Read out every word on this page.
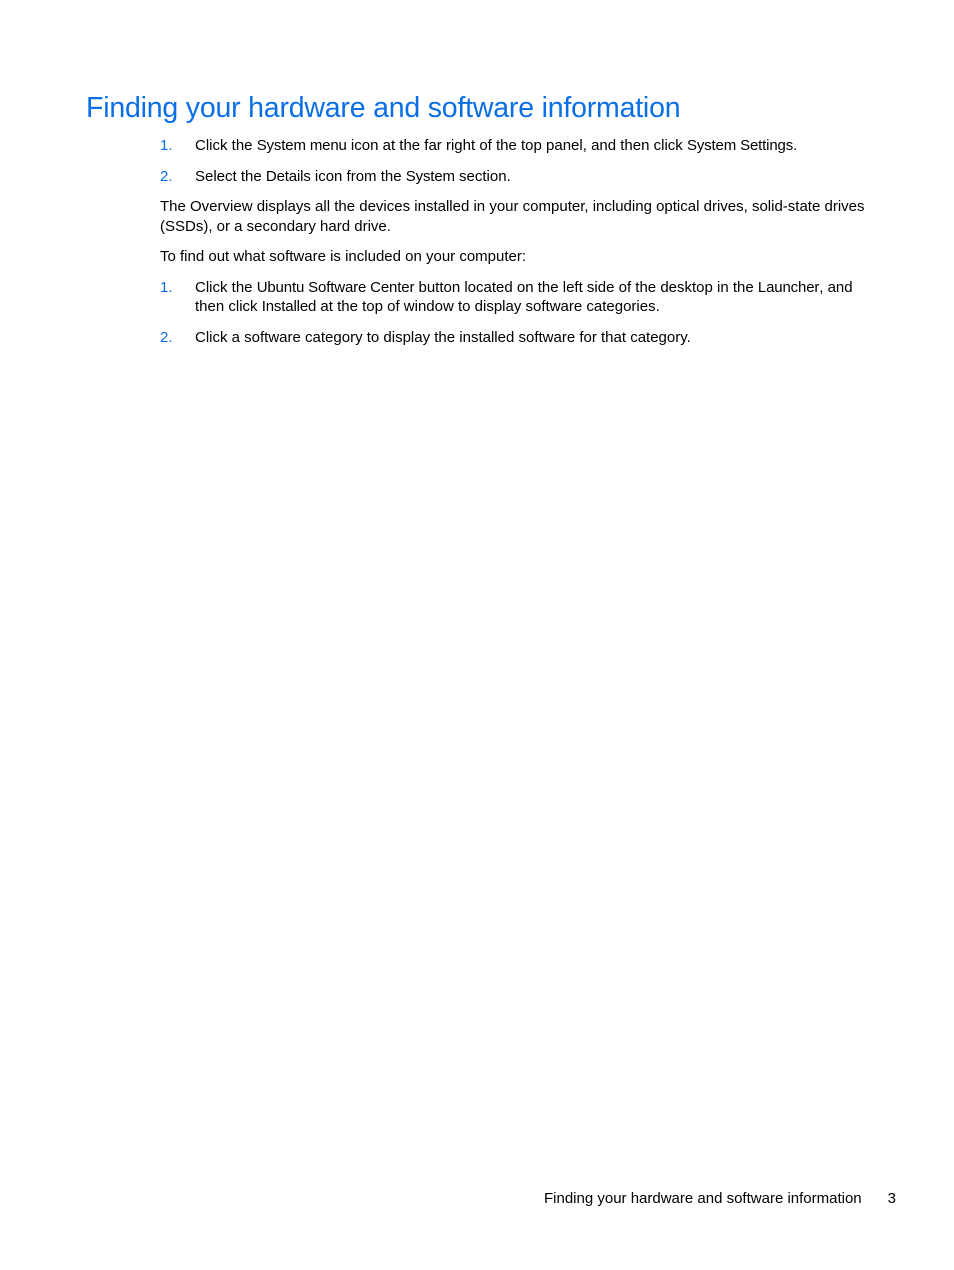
Finding your hardware and software information
1. Click the System menu icon at the far right of the top panel, and then click System Settings.
2. Select the Details icon from the System section.

The Overview displays all the devices installed in your computer, including optical drives, solid-state drives (SSDs), or a secondary hard drive.

To find out what software is included on your computer:

1. Click the Ubuntu Software Center button located on the left side of the desktop in the Launcher, and then click Installed at the top of window to display software categories.
2. Click a software category to display the installed software for that category.
Finding your hardware and software information 3
